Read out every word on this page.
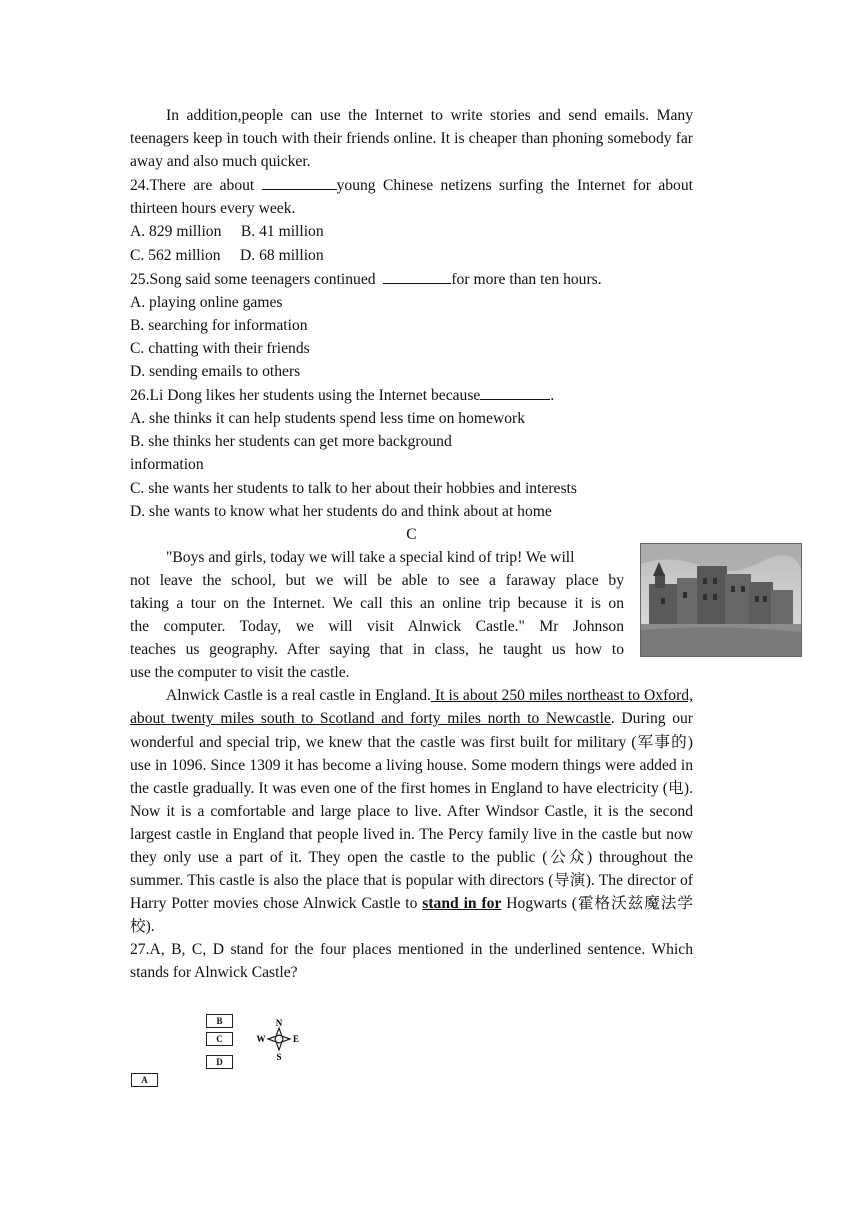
In addition,people can use the Internet to write stories and send emails. Many teenagers keep in touch with their friends online. It is cheaper than phoning somebody far away and also much quicker.

24.There are about	young Chinese netizens surfing the Internet for about thirteen hours every week.

A. 829 million     B. 41 million

C. 562 million     D. 68 million

25.Song said some teenagers continued	for more than ten hours.

A. playing online games

B. searching for information

C. chatting with their friends

D. sending emails to others

26.Li Dong likes her students using the Internet because	.

A. she thinks it can help students spend less time on homework

B. she thinks her students can get more background

information

C. she wants her students to talk to her about their hobbies and interests

D. she wants to know what her students do and think about at home

C

"Boys and girls, today we will take a special kind of trip! We will

not leave the school, but we will be able to see a faraway place by

taking a tour on the Internet. We call this an online trip because it is on

the computer. Today, we will visit Alnwick Castle." Mr Johnson

teaches us geography. After saying that in class, he taught us how to

use the computer to visit the castle.

Alnwick Castle is a real castle in England. It is about 250 miles northeast to Oxford, about twenty miles south to Scotland and forty miles north to Newcastle. During our wonderful and special trip, we knew that the castle was first built for military (军事的) use in 1096. Since 1309 it has become a living house. Some modern things were added in the castle gradually. It was even one of the first homes in England to have electricity (电). Now it is a comfortable and large place to live. After Windsor Castle, it is the second largest castle in England that people lived in. The Percy family live in the castle but now they only use a part of it. They open the castle to the public (公众) throughout the summer. This castle is also the place that is popular with directors (导演). The director of Harry Potter movies chose Alnwick Castle to stand in for Hogwarts (霍格沃兹魔法学校).

27.A, B, C, D stand for the four places mentioned in the underlined sentence. Which stands for Alnwick Castle?

B
C
D
A
N
S
W	E
